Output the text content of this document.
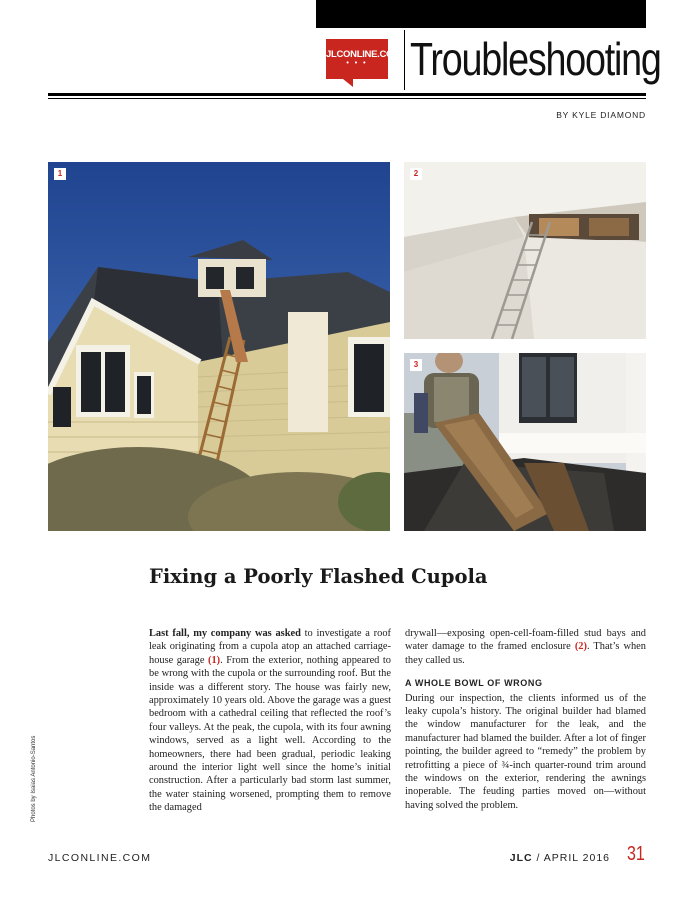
JLCONLINE.COM
• • • Troubleshooting
BY KYLE DIAMOND
1	2
3
Fixing a Poorly Flashed Cupola
Last fall, my company was asked to investigate a roof leak originating from a cupola atop an attached carriage-house garage (1). From the exterior, nothing appeared to be wrong with the cupola or the surrounding roof. But the inside was a different story. The house was fairly new, approximately 10 years old. Above the garage was a guest bedroom with a cathedral ceiling that reflected the roof’s four valleys. At the peak, the cupola, with its four awning windows, served as a light well. According to the homeowners, there had been gradual, periodic leaking around the interior light well since the home’s initial construction. After a particularly bad storm last summer, the water staining worsened, prompting them to remove the damaged
drywall—exposing open-cell-foam-filled stud bays and water damage to the framed enclosure (2). That’s when they called us.
A WHOLE BOWL OF WRONG
During our inspection, the clients informed us of the leaky cupola’s history. The original builder had blamed the window manufacturer for the leak, and the manufacturer had blamed the builder. After a lot of finger pointing, the builder agreed to “remedy” the problem by retrofitting a piece of ¾-inch quarter-round trim around the windows on the exterior, rendering the awnings inoperable. The feuding parties moved on—without having solved the problem.
Photos by Isaias Antonio-Santos
JLCONLINE.COM	JLC / APRIL 2016 31
